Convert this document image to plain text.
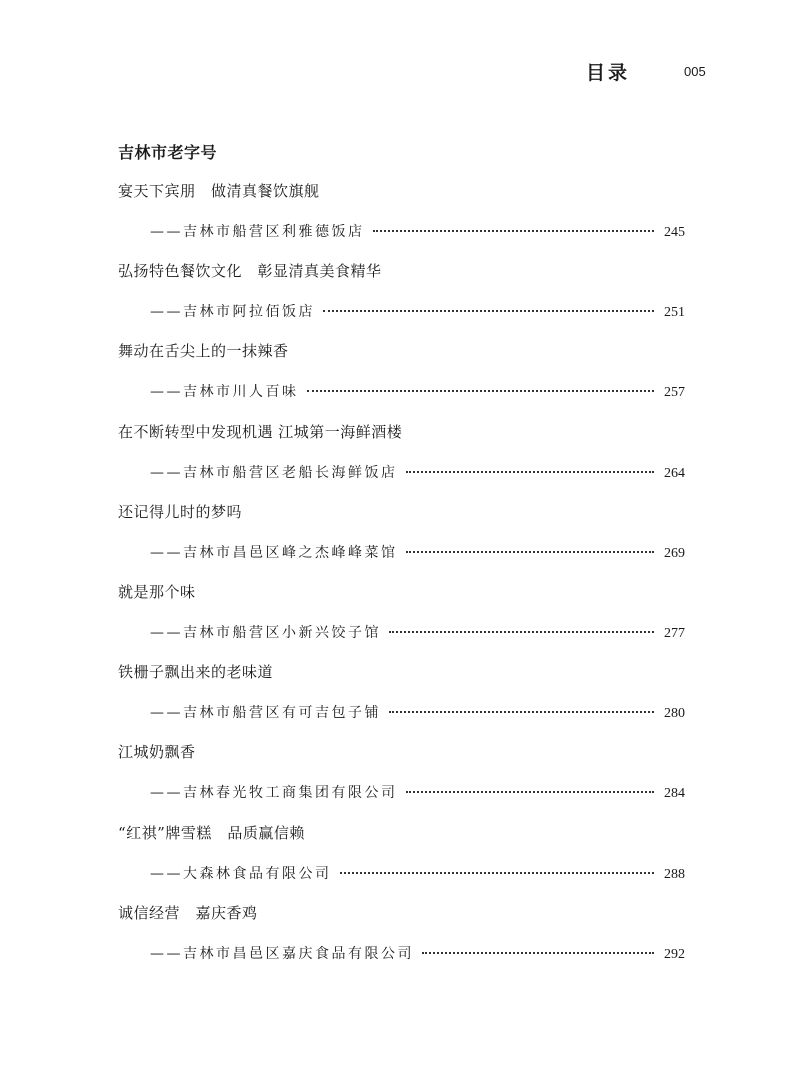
目录	005
吉林市老字号
宴天下宾朋　做清真餐饮旗舰
——吉林市船营区利雅德饭店	245
弘扬特色餐饮文化　彰显清真美食精华
——吉林市阿拉佰饭店	251
舞动在舌尖上的一抹辣香
——吉林市川人百味	257
在不断转型中发现机遇 江城第一海鲜酒楼
——吉林市船营区老船长海鲜饭店	264
还记得儿时的梦吗
——吉林市昌邑区峰之杰峰峰菜馆	269
就是那个味
——吉林市船营区小新兴饺子馆	277
铁栅子飘出来的老味道
——吉林市船营区有可吉包子铺	280
江城奶飘香
——吉林春光牧工商集团有限公司	284
“红祺”牌雪糕　品质赢信赖
——大森林食品有限公司	288
诚信经营　嘉庆香鸡
——吉林市昌邑区嘉庆食品有限公司	292
